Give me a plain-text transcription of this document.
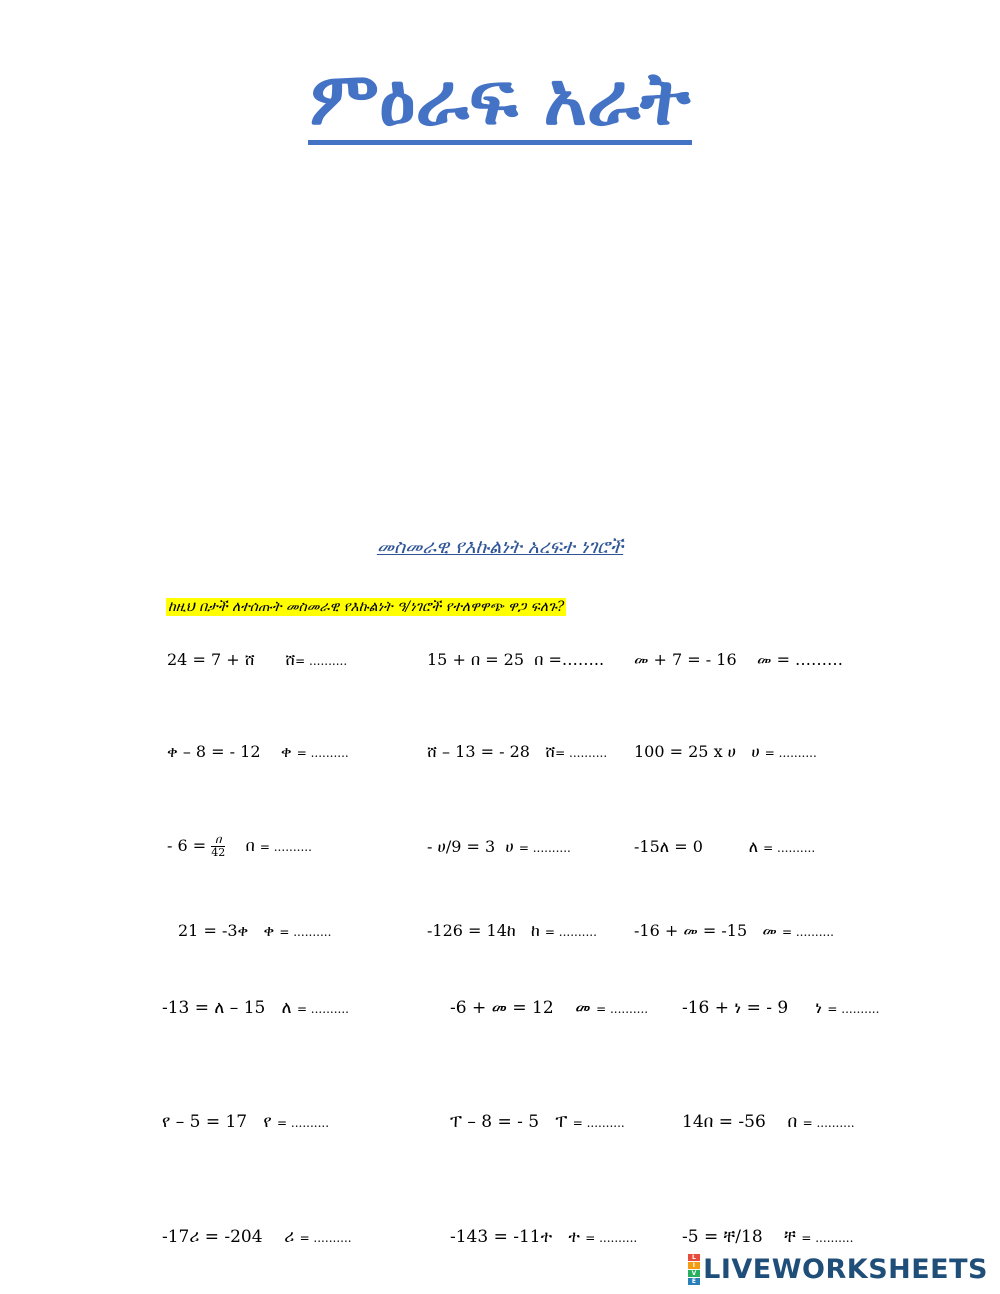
ምዕራፍ አራት
መስመራዊ የእኩልነት አረፍተ ነገሮች
ከዚህ በታች ለተሰጡት መስመራዊ የእኩልነት ዓ/ነገሮች የተለዋዋጭ ዋጋ ፍለጉ?
24 = 7 + ሸ ሸ= ..........	15 + በ = 25 በ =…….. መ + 7 = - 16 መ = ………
ቀ – 8 = - 12 ቀ = ..........	ሸ – 13 = - 28 ሸ= .......... 100 = 25 x ሀ ሀ = ..........
- $6 = \frac{\text{በ}}{42}$ በ = ..........	- ሀ/9 = 3 ሀ = ..........	-15ለ = 0	ለ = ..........
21 = -3ቀ ቀ = ..........	-126 = 14ከ ከ = .......... -16 + መ = -15 መ = ..........
-13 = ለ – 15 ለ = ..........	-6 + መ = 12 መ = .......... -16 + ነ = - 9 ነ = ..........
የ – 5 = 17 የ = ..........	ፐ – 8 = - 5 ፐ = ..........	14በ = -56 በ = ..........
-17ሪ = -204 ሪ = ..........	-143 = -11ተ ተ = ..........	-5 = ቸ/18 ቸ = ..........
L
I
V
E LIVEWORKSHEETS
